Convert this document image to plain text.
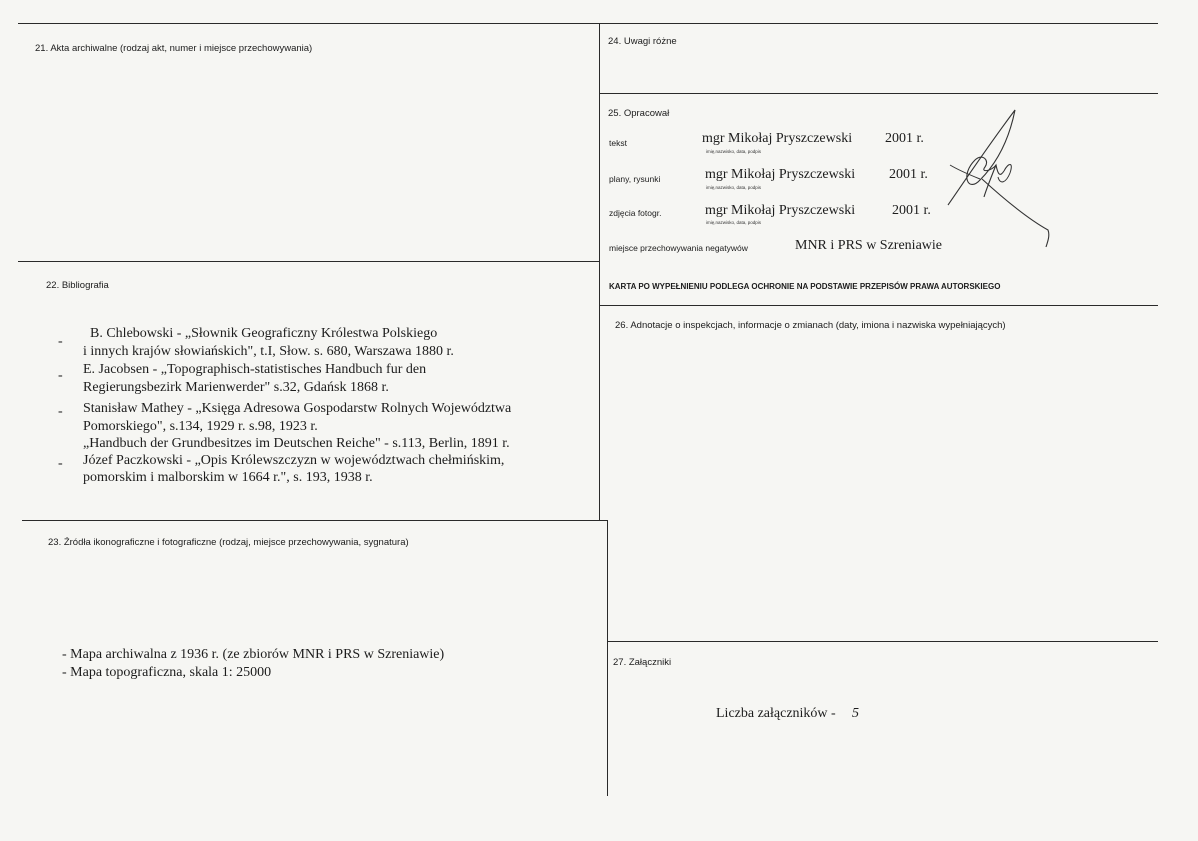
21. Akta archiwalne (rodzaj akt, numer i miejsce przechowywania)
22. Bibliografia
-
B. Chlebowski - „Słownik Geograficzny Królestwa Polskiego
i innych krajów słowiańskich", t.I, Słow. s. 680, Warszawa 1880 r.
- E. Jacobsen - „Topographisch-statistisches Handbuch fur den
Regierungsbezirk Marienwerder" s.32, Gdańsk 1868 r.
- Stanisław Mathey - „Księga Adresowa Gospodarstw Rolnych Województwa
Pomorskiego", s.134, 1929 r. s.98, 1923 r.
„Handbuch der Grundbesitzes im Deutschen Reiche" - s.113, Berlin, 1891 r.
- Józef Paczkowski - „Opis Królewszczyzn w województwach chełmińskim,
pomorskim i malborskim w 1664 r.", s. 193, 1938 r.
23. Źródła ikonograficzne i fotograficzne (rodzaj, miejsce przechowywania, sygnatura)
- Mapa archiwalna z 1936 r. (ze zbiorów MNR i PRS w Szreniawie)
- Mapa topograficzna, skala 1: 25000
24. Uwagi różne
25. Opracował
tekst	mgr Mikołaj Pryszczewski 2001 r.
imię,nazwisko, data, podpis
plany, rysunki	mgr Mikołaj Pryszczewski 2001 r.
imię,nazwisko, data, podpis
zdjęcia fotogr.	mgr Mikołaj Pryszczewski	2001 r.
imię,nazwisko, data, podpis
miejsce przechowywania negatywów	MNR i PRS w Szreniawie
KARTA PO WYPEŁNIENIU PODLEGA OCHRONIE NA PODSTAWIE PRZEPISÓW PRAWA AUTORSKIEGO
26. Adnotacje o inspekcjach, informacje o zmianach (daty, imiona i nazwiska wypełniających)
27. Załączniki
Liczba załączników - 5
